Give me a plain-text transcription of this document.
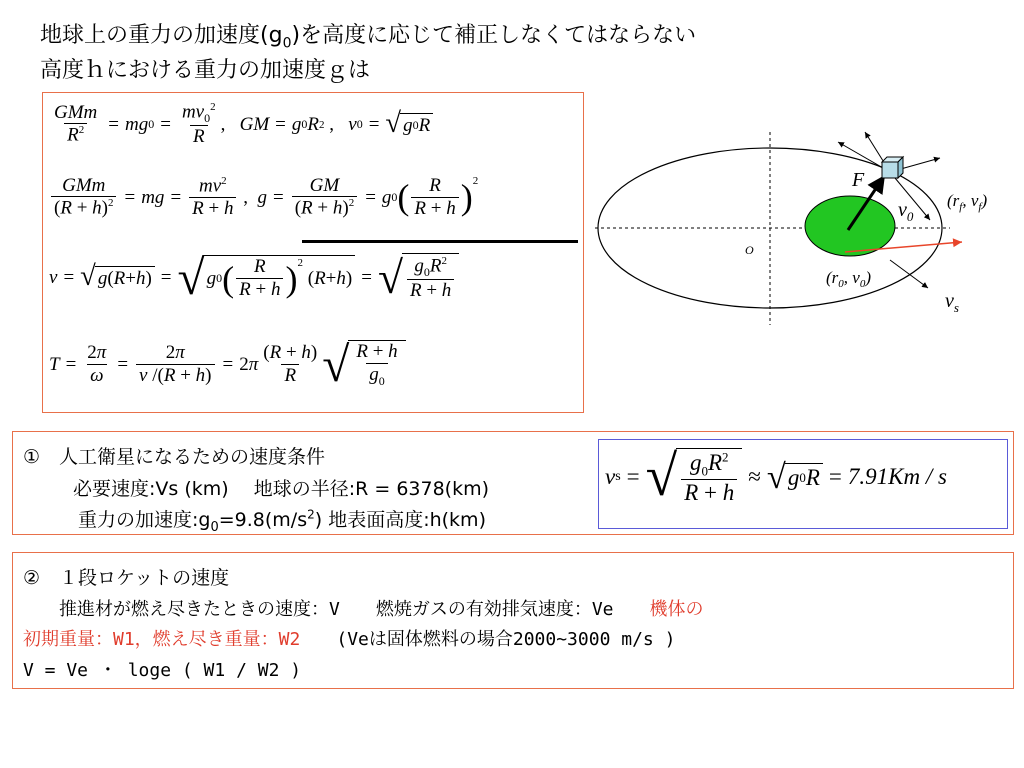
地球上の重力の加速度$(g_0)$を高度に応じて補正しなくてはならない
高度ｈにおける重力の加速度ｇは
$\frac{\text{GMm}}{R^2}$ = mg $0 = \frac{mv_0^2}{R}$ , GM = g 0 R 2 , v 0 = √ g 0 R
$\frac{\text{GMm}}{(R + h)^2}$ = mg = $\frac{mv^2}{R + h}$ , $g = \frac{GM}{(R + h)^2} = g$ 0 ( $\frac{R}{R + h} )^2$
v = √ g ( R + h ) = √ g 0 ( $\frac{R}{R + h} )^2$
( R + h ) = √ $\frac{g_0R^2}{R + h}$
$T = \frac{2\pi}{\omega} = \frac{2\pi}{v /(R + h)} = 2$ π $\frac{(R + h)}{R}$ √ $\frac{R + h}{g_0}$
O
F
$v_0$
($r_f$, $v_f$)
($r_0$, $v_0$)
$v_s$
①　人工衛星になるための速度条件
必要速度:Vs (km)　 地球の半径:R = 6378(km)
重力の加速度$:g_0=9.8(m/s^2)$ 地表面高度:h(km)
v s = √ $\frac{g_0R^2}{R + h}$ ≈ √ g 0 R = 7.91Km / s
②　１段ロケットの速度
　　推進材が燃え尽きたときの速度：V　　燃焼ガスの有効排気速度：Ve　　機体の
初期重量：W1，燃え尽き重量：W2　　(Veは固体燃料の場合2000~3000 m/s )
V = Ve ・ loge ( W1 / W2 )
